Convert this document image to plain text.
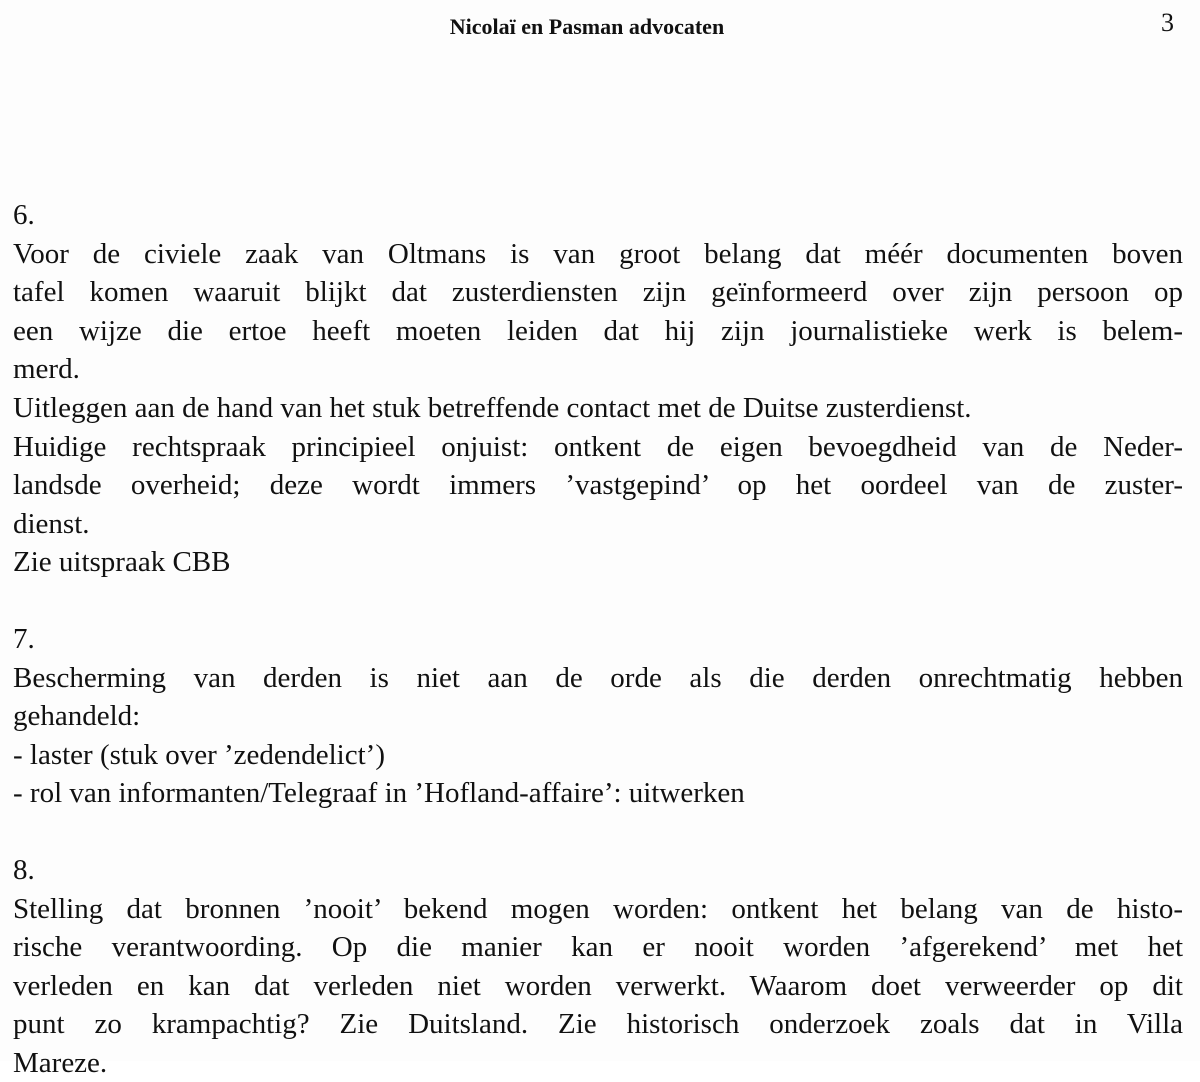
Nicolaï en Pasman advocaten	3
6.
Voor de civiele zaak van Oltmans is van groot belang dat méér documenten boven
tafel komen waaruit blijkt dat zusterdiensten zijn geïnformeerd over zijn persoon op
een wijze die ertoe heeft moeten leiden dat hij zijn journalistieke werk is belem-
merd.
Uitleggen aan de hand van het stuk betreffende contact met de Duitse zusterdienst.
Huidige rechtspraak principieel onjuist: ontkent de eigen bevoegdheid van de Neder-
landsde overheid; deze wordt immers ’vastgepind’ op het oordeel van de zuster-
dienst.
Zie uitspraak CBB
7.
Bescherming van derden is niet aan de orde als die derden onrechtmatig hebben
gehandeld:
- laster (stuk over ’zedendelict’)
- rol van informanten/Telegraaf in ’Hofland-affaire’: uitwerken
8.
Stelling dat bronnen ’nooit’ bekend mogen worden: ontkent het belang van de histo-
rische verantwoording. Op die manier kan er nooit worden ’afgerekend’ met het
verleden en kan dat verleden niet worden verwerkt. Waarom doet verweerder op dit
punt zo krampachtig? Zie Duitsland. Zie historisch onderzoek zoals dat in Villa
Mareze.
